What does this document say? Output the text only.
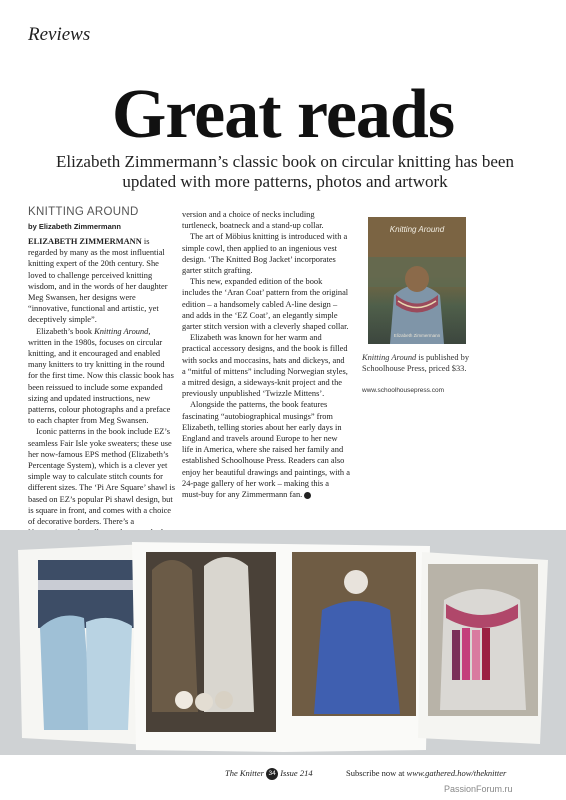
Reviews
Great reads
Elizabeth Zimmermann’s classic book on circular knitting has been updated with more patterns, photos and artwork
KNITTING AROUND
by Elizabeth Zimmermann

ELIZABETH ZIMMERMANN is regarded by many as the most influential knitting expert of the 20th century. She loved to challenge perceived knitting wisdom, and in the words of her daughter Meg Swansen, her designs were “innovative, functional and artistic, yet deceptively simple”.

Elizabeth’s book Knitting Around, written in the 1980s, focuses on circular knitting, and it encouraged and enabled many knitters to try knitting in the round for the first time. Now this classic book has been reissued to include some expanded sizing and updated instructions, new patterns, colour photographs and a preface to each chapter from Meg Swansen.

Iconic patterns in the book include EZ’s seamless Fair Isle yoke sweaters; these use her now-famous EPS method (Elizabeth’s Percentage System), which is a clever yet simple way to calculate stitch counts for different sizes. The ‘Pi Are Square’ shawl is based on EZ’s popular Pi shawl design, but is square in front, and comes with a choice of decorative borders. There’s a

version and a choice of necks including turtleneck, boatneck and a stand-up collar.

The art of Möbius knitting is introduced with a simple cowl, then applied to an ingenious vest design. ‘The Knitted Bog Jacket’ incorporates garter stitch grafting.

This new, expanded edition of the book includes the ‘Aran Coat’ pattern from the original edition – a handsomely cabled A-line design – and adds in the ‘EZ Coat’, an elegantly simple garter stitch version with a cleverly shaped collar.

Elizabeth was known for her warm and practical accessory designs, and the book is filled with socks and moccasins, hats and dickeys, and a “mitful of mittens” including Norwegian styles, a mitred design, a sideways-knit project and the previously unpublished ‘Twizzle Mittens’.

Alongside the patterns, the book features fascinating “autobiographical musings” from Elizabeth, telling stories about her early days in England and travels around Europe to her new life in America, where she raised her family and established Schoolhouse Press. Readers can also enjoy her beautiful drawings and paintings, with a 24-page gallery of her work – making this a must-buy for any Zimmermann fan.

Knitting Around
Elizabeth Zimmermann
Knitting Around is published by Schoolhouse Press, priced $33.
www.schoolhousepress.com
The Knitter 34 Issue 214	Subscribe now at www.gathered.how/theknitter
PassionForum.ru
